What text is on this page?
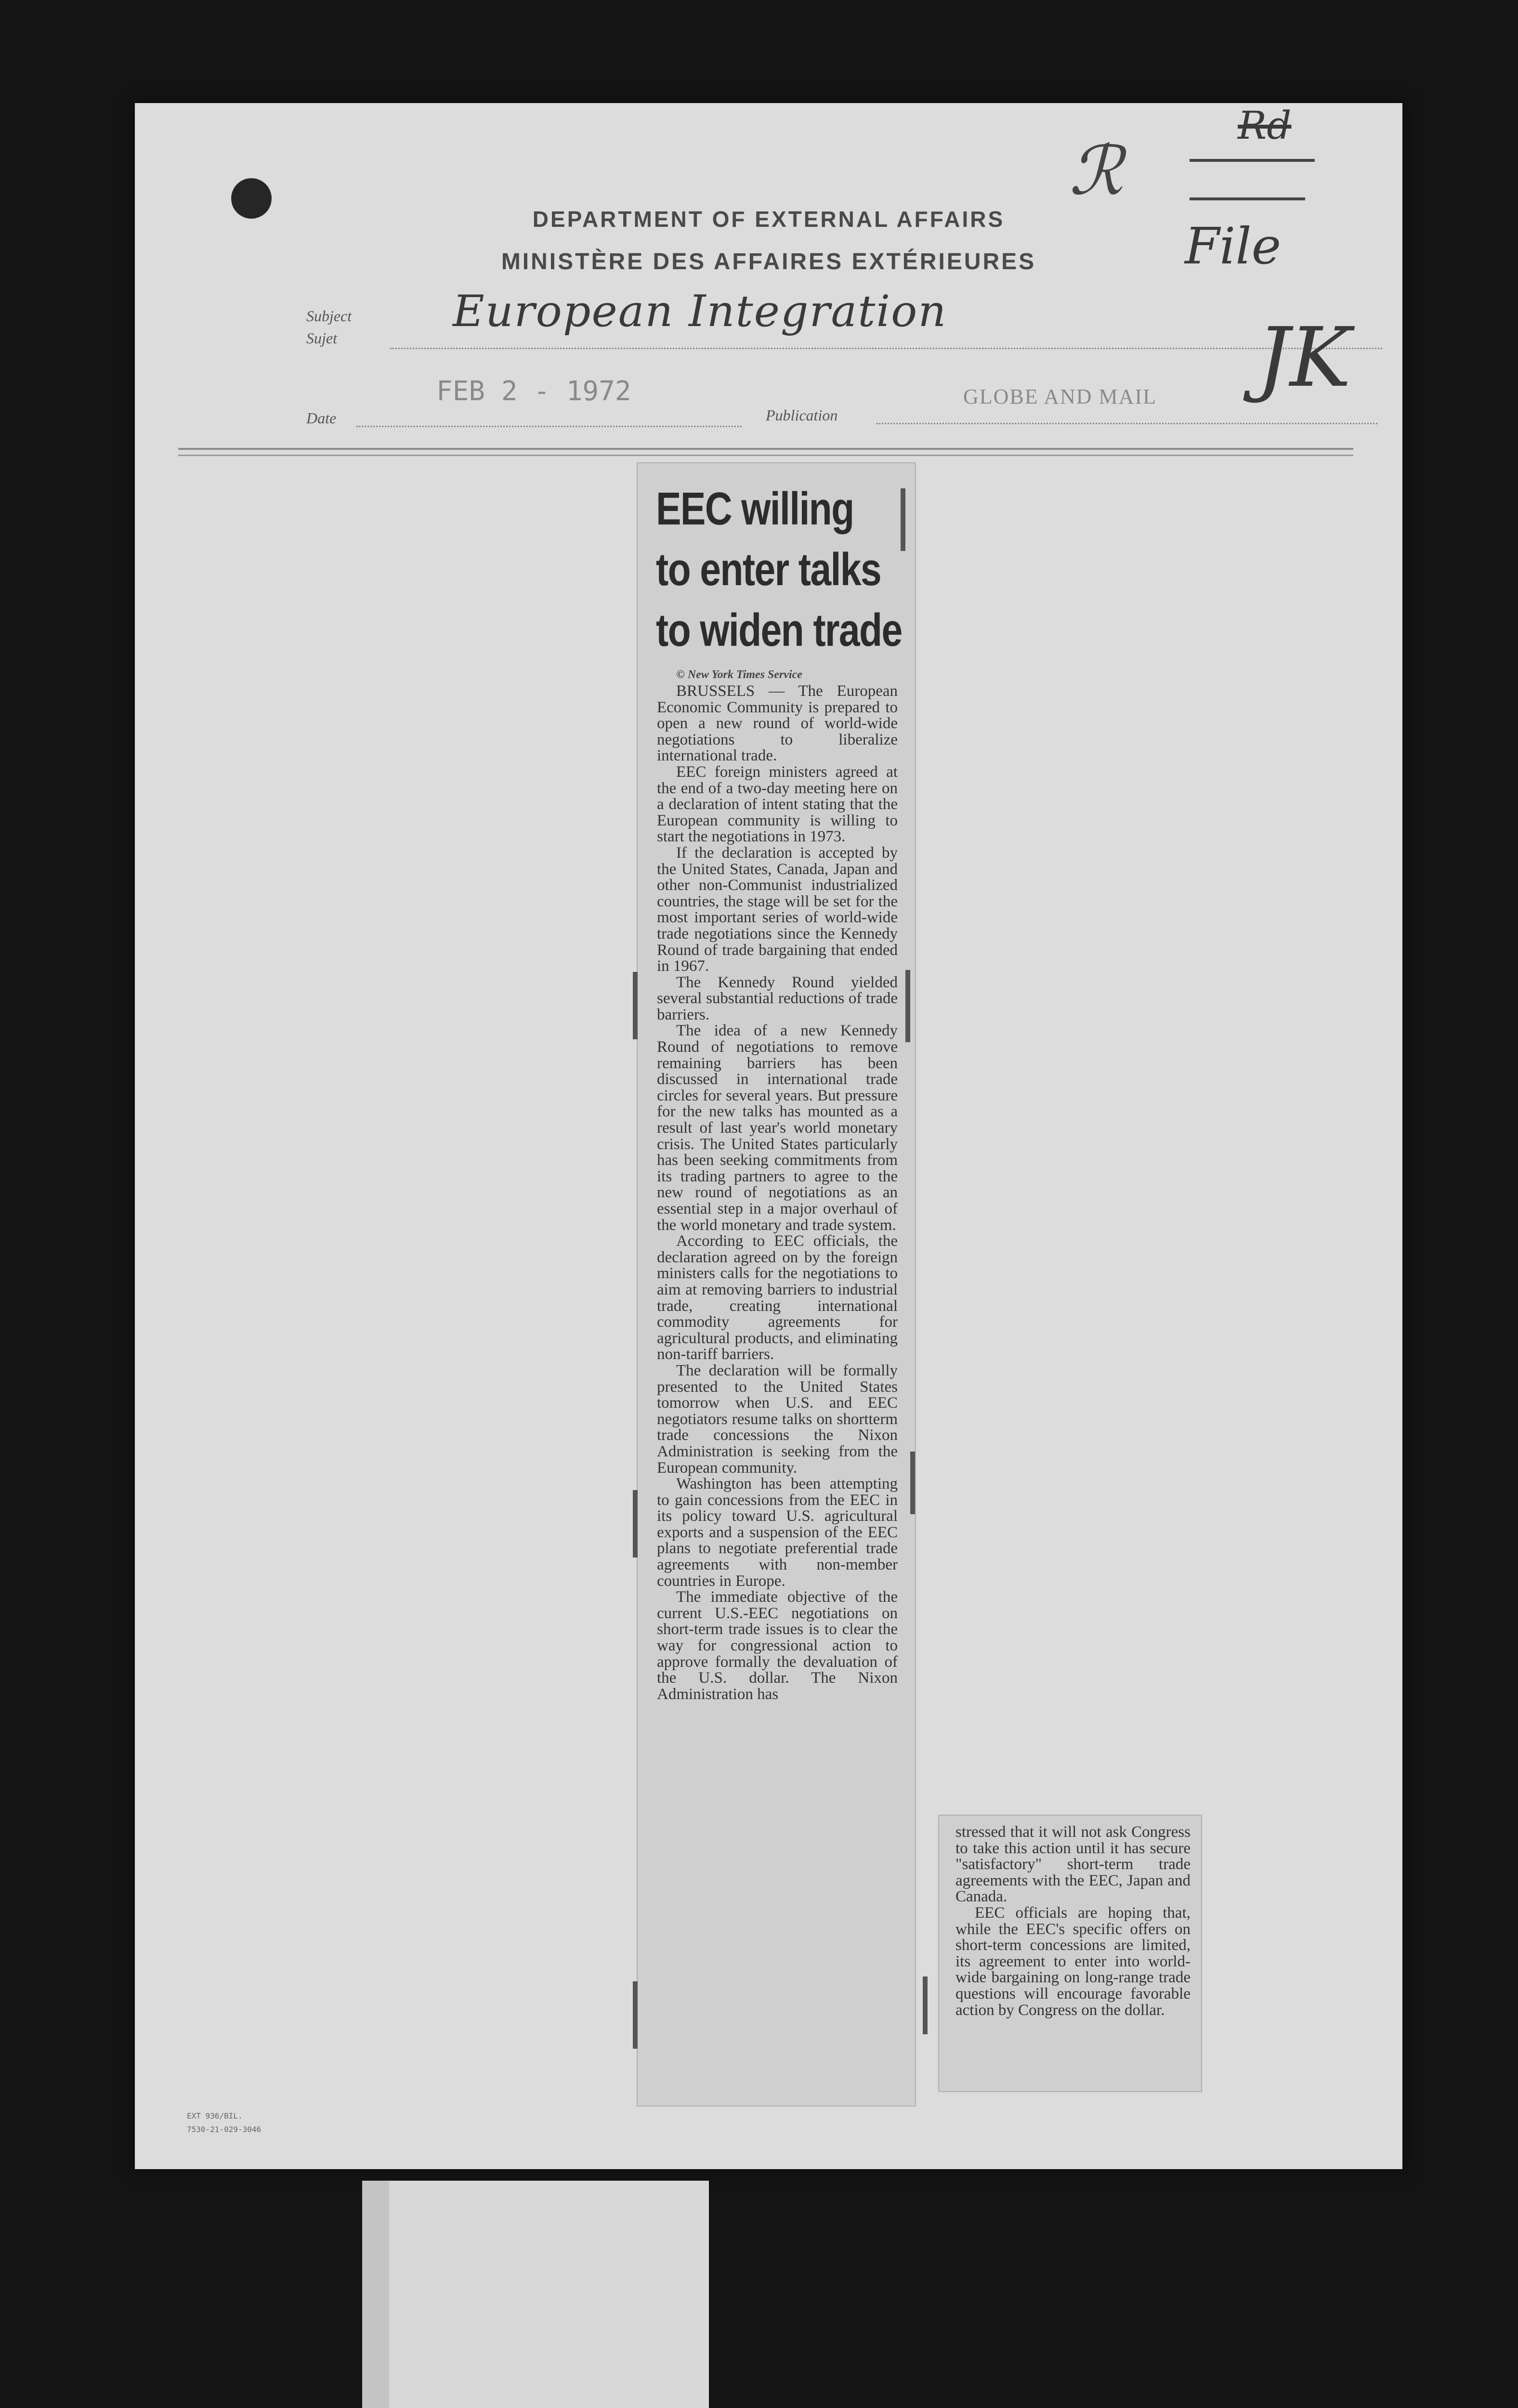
DEPARTMENT OF EXTERNAL AFFAIRS
MINISTÈRE DES AFFAIRES EXTÉRIEURES
Rd
File
ℛ
Subject
Sujet
European Integration
FEB 2 - 1972
Date	Publication
GLOBE AND MAIL JK
EEC willing
to enter talks
to widen trade
© New York Times Service

BRUSSELS — The European Economic Community is prepared to open a new round of world-wide negotiations to liberalize international trade.

EEC foreign ministers agreed at the end of a two-day meeting here on a declaration of intent stating that the European community is willing to start the negotiations in 1973.

If the declaration is accepted by the United States, Canada, Japan and other non-Communist industrialized countries, the stage will be set for the most important series of world-wide trade negotiations since the Kennedy Round of trade bargaining that ended in 1967.

The Kennedy Round yielded several substantial reductions of trade barriers.

The idea of a new Kennedy Round of negotiations to remove remaining barriers has been discussed in international trade circles for several years. But pressure for the new talks has mounted as a result of last year's world monetary crisis. The United States particularly has been seeking commitments from its trading partners to agree to the new round of negotiations as an essential step in a major overhaul of the world monetary and trade system.

According to EEC officials, the declaration agreed on by the foreign ministers calls for the negotiations to aim at removing barriers to industrial trade, creating international commodity agreements for agricultural products, and eliminating non-tariff barriers.

The declaration will be formally presented to the United States tomorrow when U.S. and EEC negotiators resume talks on shortterm trade concessions the Nixon Administration is seeking from the European community.

Washington has been attempting to gain concessions from the EEC in its policy toward U.S. agricultural exports and a suspension of the EEC plans to negotiate preferential trade agreements with non-member countries in Europe.

The immediate objective of the current U.S.-EEC negotiations on short-term trade issues is to clear the way for congressional action to approve formally the devaluation of the U.S. dollar. The Nixon Administration has

stressed that it will not ask Congress to take this action until it has secure "satisfactory" short-term trade agreements with the EEC, Japan and Canada.

EEC officials are hoping that, while the EEC's specific offers on short-term concessions are limited, its agreement to enter into world-wide bargaining on long-range trade questions will encourage favorable action by Congress on the dollar.

EXT 936/BIL.
7530-21-029-3046
